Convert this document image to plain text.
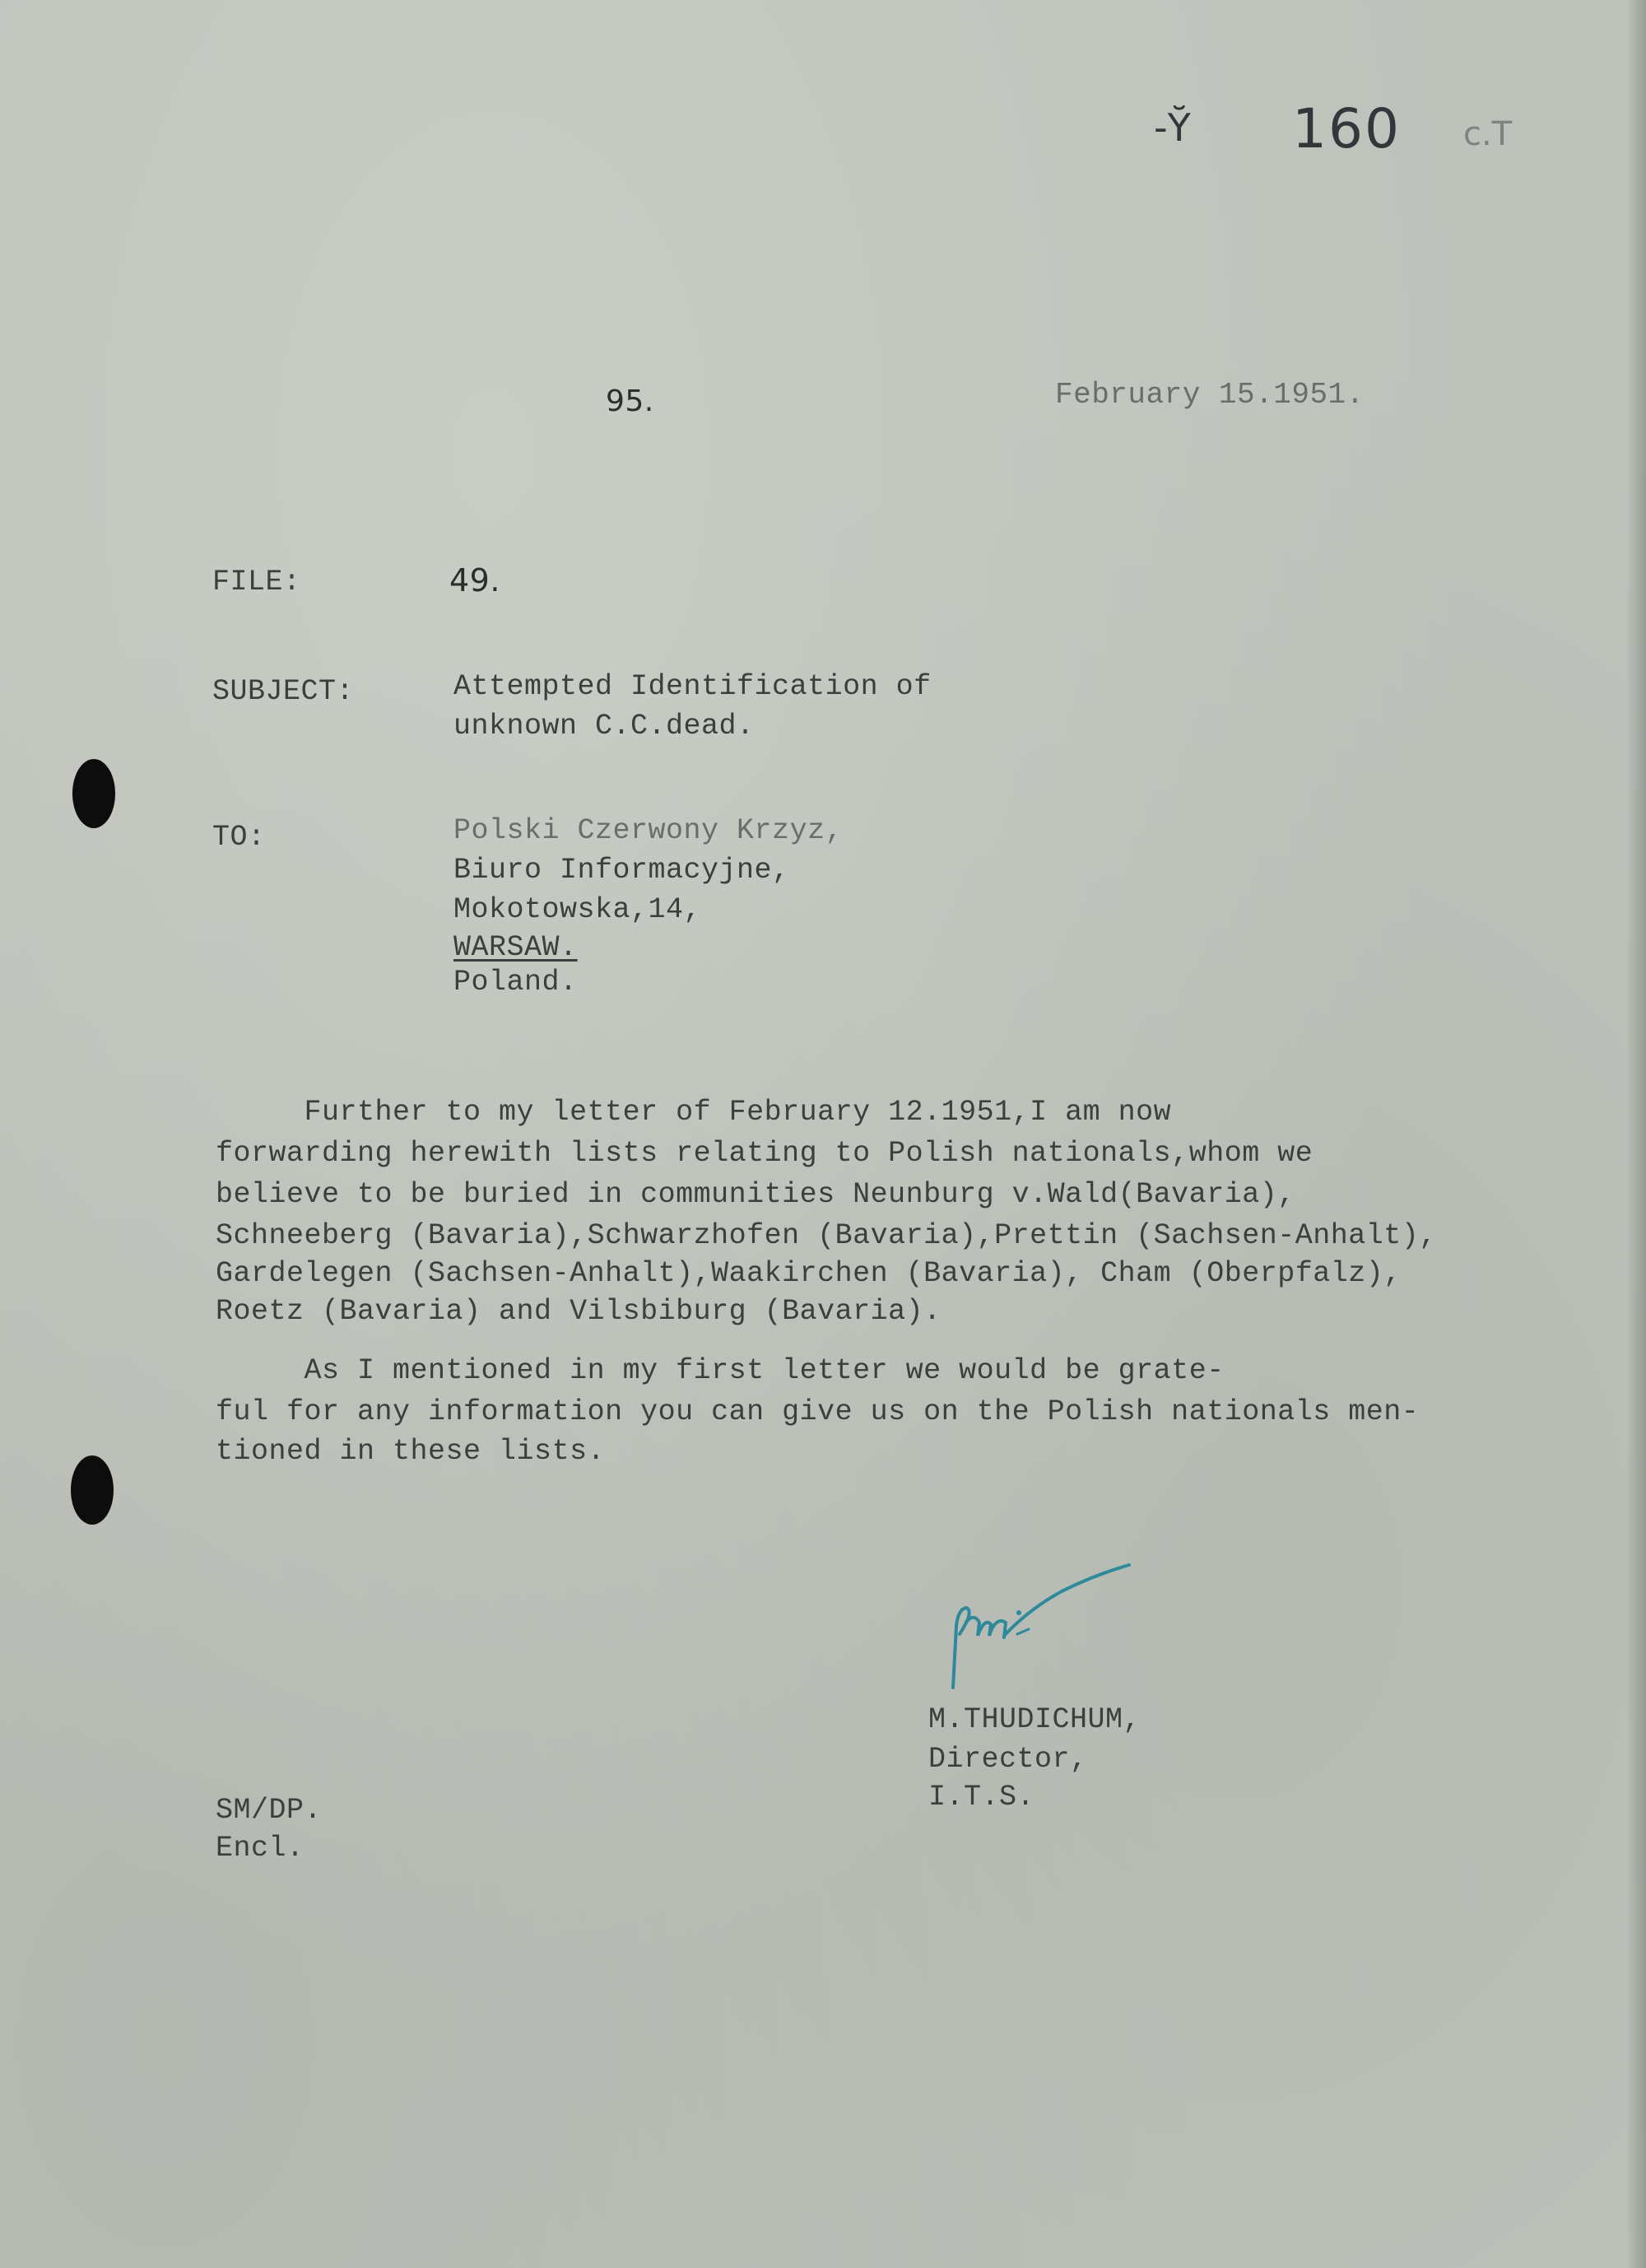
-Ῠ 160 c.T
95.	February 15.1951.
FILE:	49.
SUBJECT:	Attempted Identification of
unknown C.C.dead.
TO:	Polski Czerwony Krzyz,
Biuro Informacyjne,
Mokotowska,14,
WARSAW.
Poland.
Further to my letter of February 12.1951,I am now
forwarding herewith lists relating to Polish nationals,whom we
believe to be buried in communities Neunburg v.Wald(Bavaria),
Schneeberg (Bavaria),Schwarzhofen (Bavaria),Prettin (Sachsen-Anhalt),
Gardelegen (Sachsen-Anhalt),Waakirchen (Bavaria), Cham (Oberpfalz),
Roetz (Bavaria) and Vilsbiburg (Bavaria).
As I mentioned in my first letter we would be grate-
ful for any information you can give us on the Polish nationals men-
tioned in these lists.
M.THUDICHUM,
Director,
I.T.S.
SM/DP.
Encl.
